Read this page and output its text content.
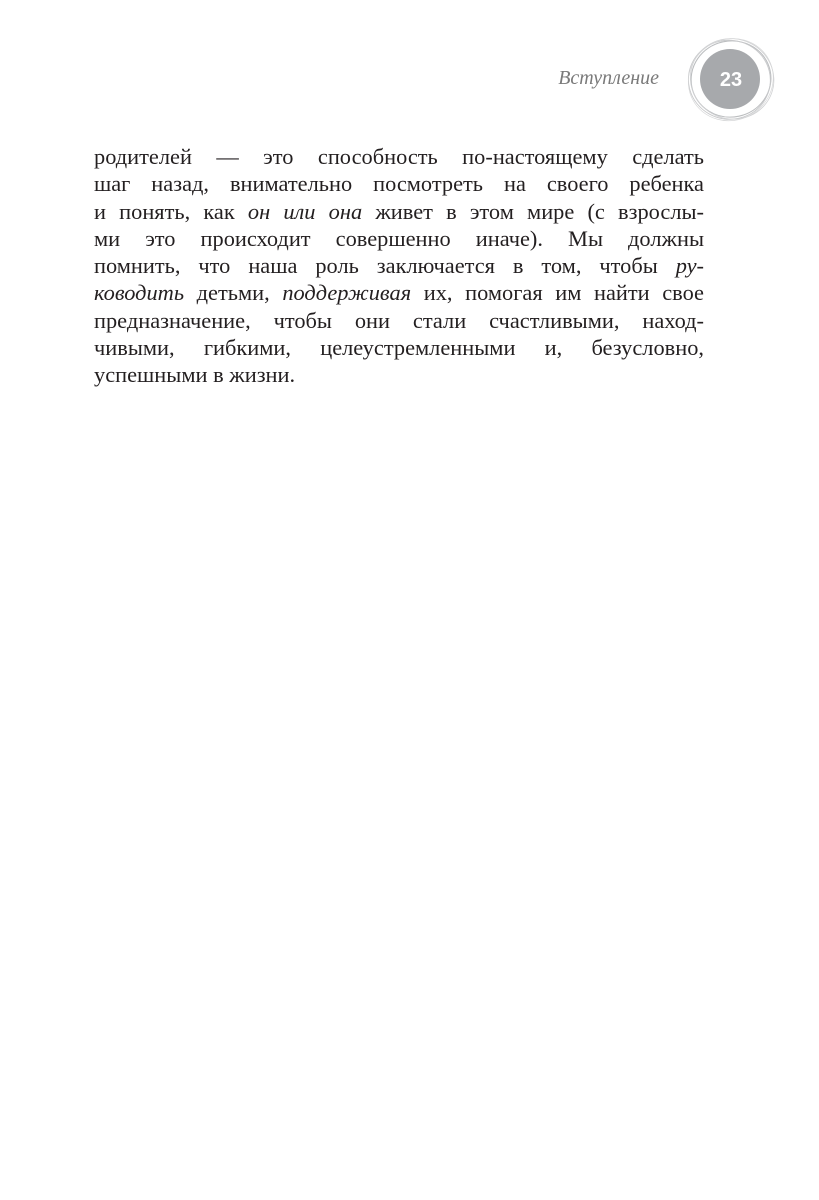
Вступление	23
родителей — это способность по-настоящему сделать
шаг назад, внимательно посмотреть на своего ребенка
и понять, как он или она живет в этом мире (с взрослы-
ми это происходит совершенно иначе). Мы должны
помнить, что наша роль заключается в том, чтобы ру-
ководить детьми, поддерживая их, помогая им найти свое
предназначение, чтобы они стали счастливыми, наход-
чивыми, гибкими, целеустремленными и, безусловно,
успешными в жизни.
